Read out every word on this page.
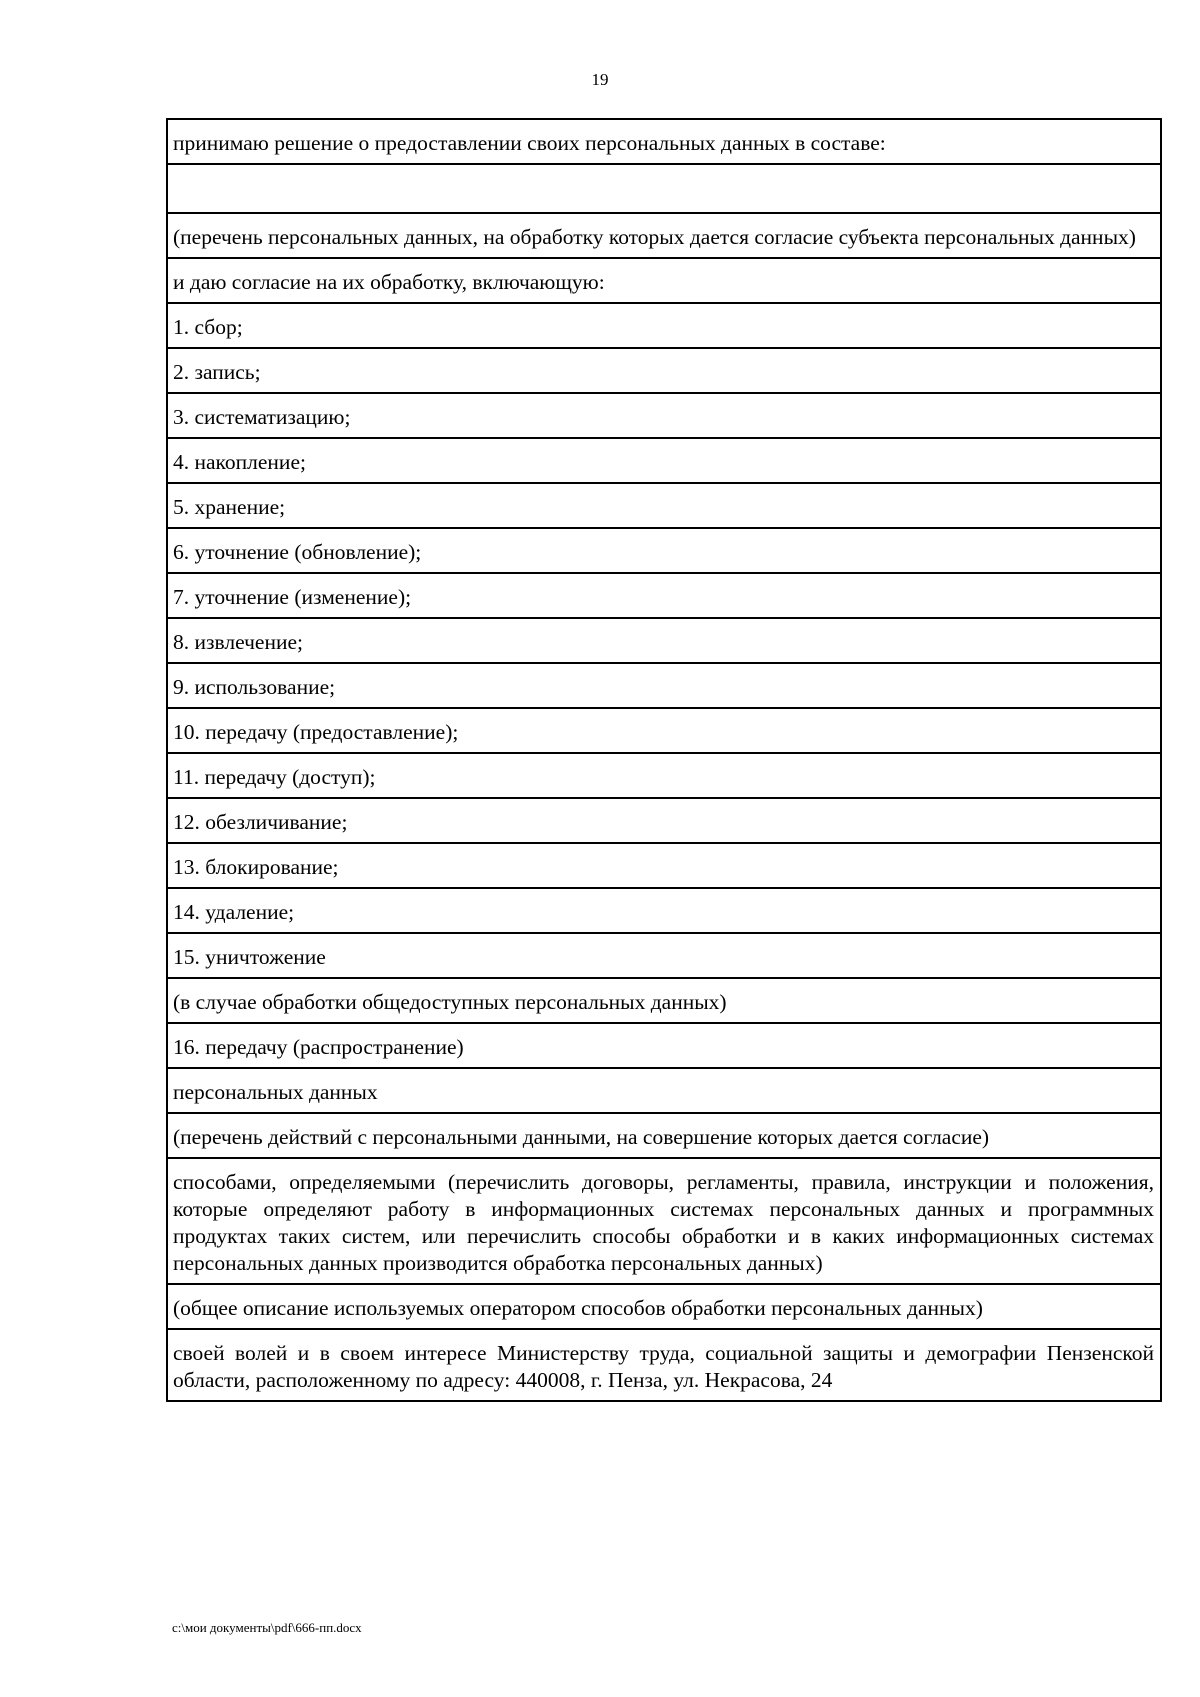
19
принимаю решение о предоставлении своих персональных данных в составе:

(перечень персональных данных, на обработку которых дается согласие субъекта персональных данных)
и даю согласие на их обработку, включающую:
1. сбор;
2. запись;
3. систематизацию;
4. накопление;
5. хранение;
6. уточнение (обновление);
7. уточнение (изменение);
8. извлечение;
9. использование;
10. передачу (предоставление);
11. передачу (доступ);
12. обезличивание;
13. блокирование;
14. удаление;
15. уничтожение
(в случае обработки общедоступных персональных данных)
16. передачу (распространение)
персональных данных
(перечень действий с персональными данными, на совершение которых дается согласие)
способами, определяемыми (перечислить договоры, регламенты, правила, инструкции и положения, которые определяют работу в информационных системах персональных данных и программных продуктах таких систем, или перечислить способы обработки и в каких информационных системах персональных данных производится обработка персональных данных)
(общее описание используемых оператором способов обработки персональных данных)
своей волей и в своем интересе Министерству труда, социальной защиты и демографии Пензенской области, расположенному по адресу: 440008, г. Пенза, ул. Некрасова, 24
c:\мои документы\pdf\666-пп.docx
